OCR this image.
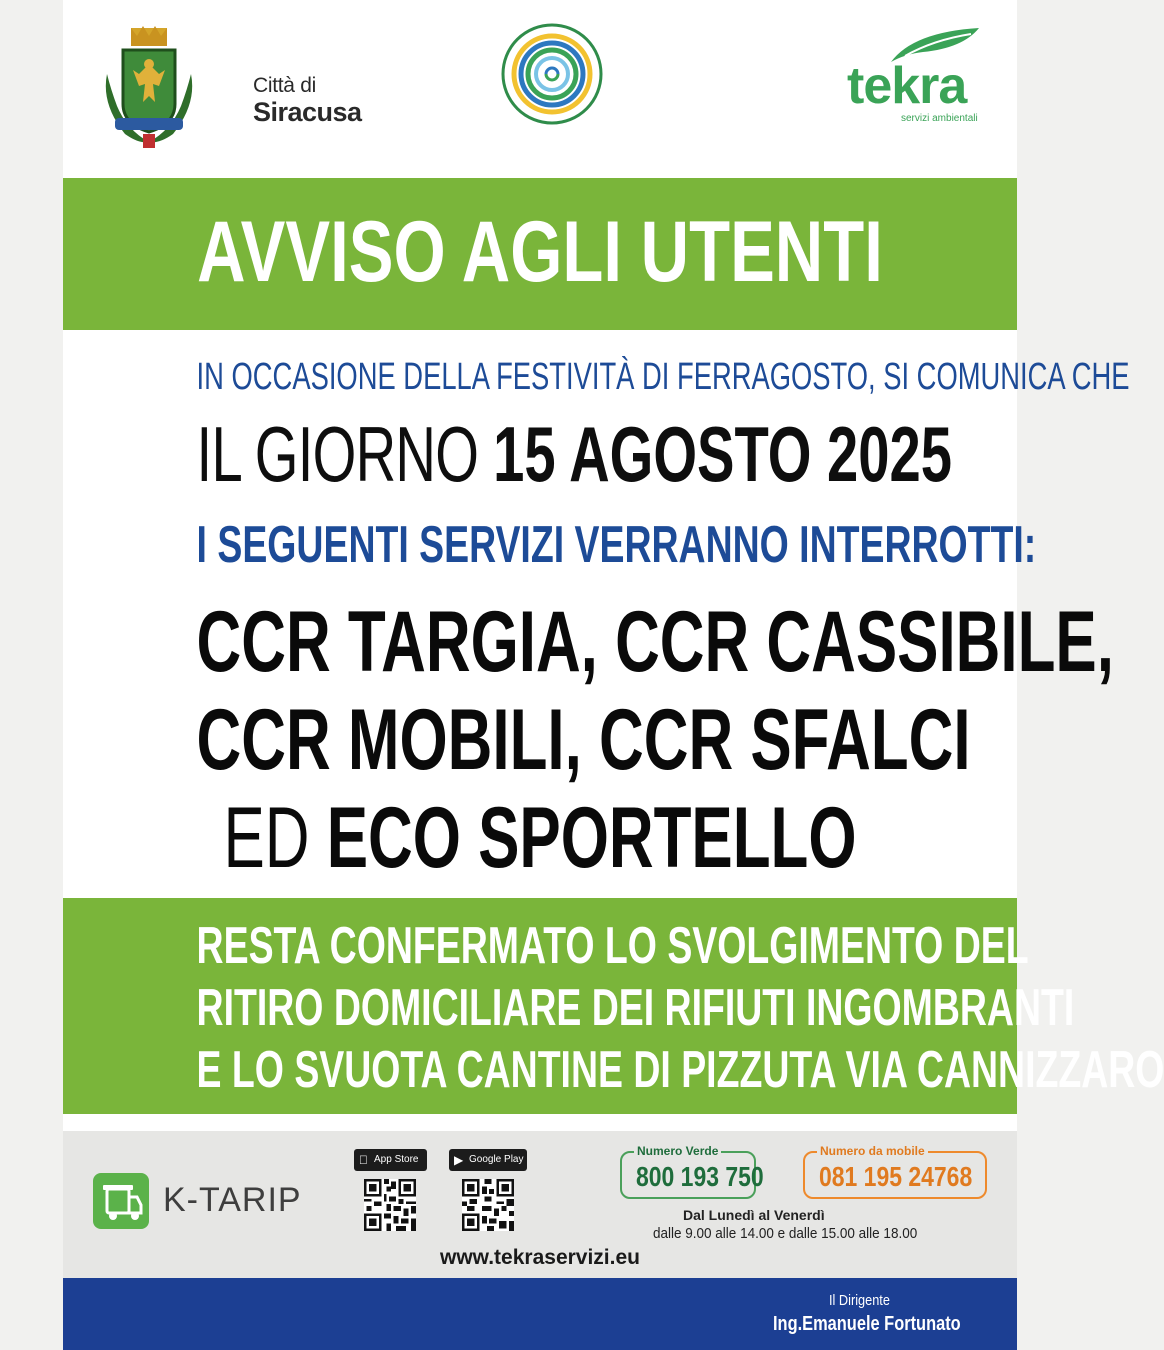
Città di
Siracusa	tekra
servizi ambientali
AVVISO AGLI UTENTI
IN OCCASIONE DELLA FESTIVITÀ DI FERRAGOSTO, SI COMUNICA CHE
IL GIORNO 15 AGOSTO 2025
I SEGUENTI SERVIZI VERRANNO INTERROTTI:
CCR TARGIA, CCR CASSIBILE,
CCR MOBILI, CCR SFALCI
ED ECO SPORTELLO
RESTA CONFERMATO LO SVOLGIMENTO DEL
RITIRO DOMICILIARE DEI RIFIUTI INGOMBRANTI
E LO SVUOTA CANTINE DI PIZZUTA VIA CANNIZZARO
K-TARIP
App Store	▶ Google Play
Numero Verde
800 193 750
Numero da mobile
081 195 24768
Dal Lunedì al Venerdì
dalle 9.00 alle 14.00 e dalle 15.00 alle 18.00
www.tekraservizi.eu
Il Dirigente
Ing.Emanuele Fortunato
